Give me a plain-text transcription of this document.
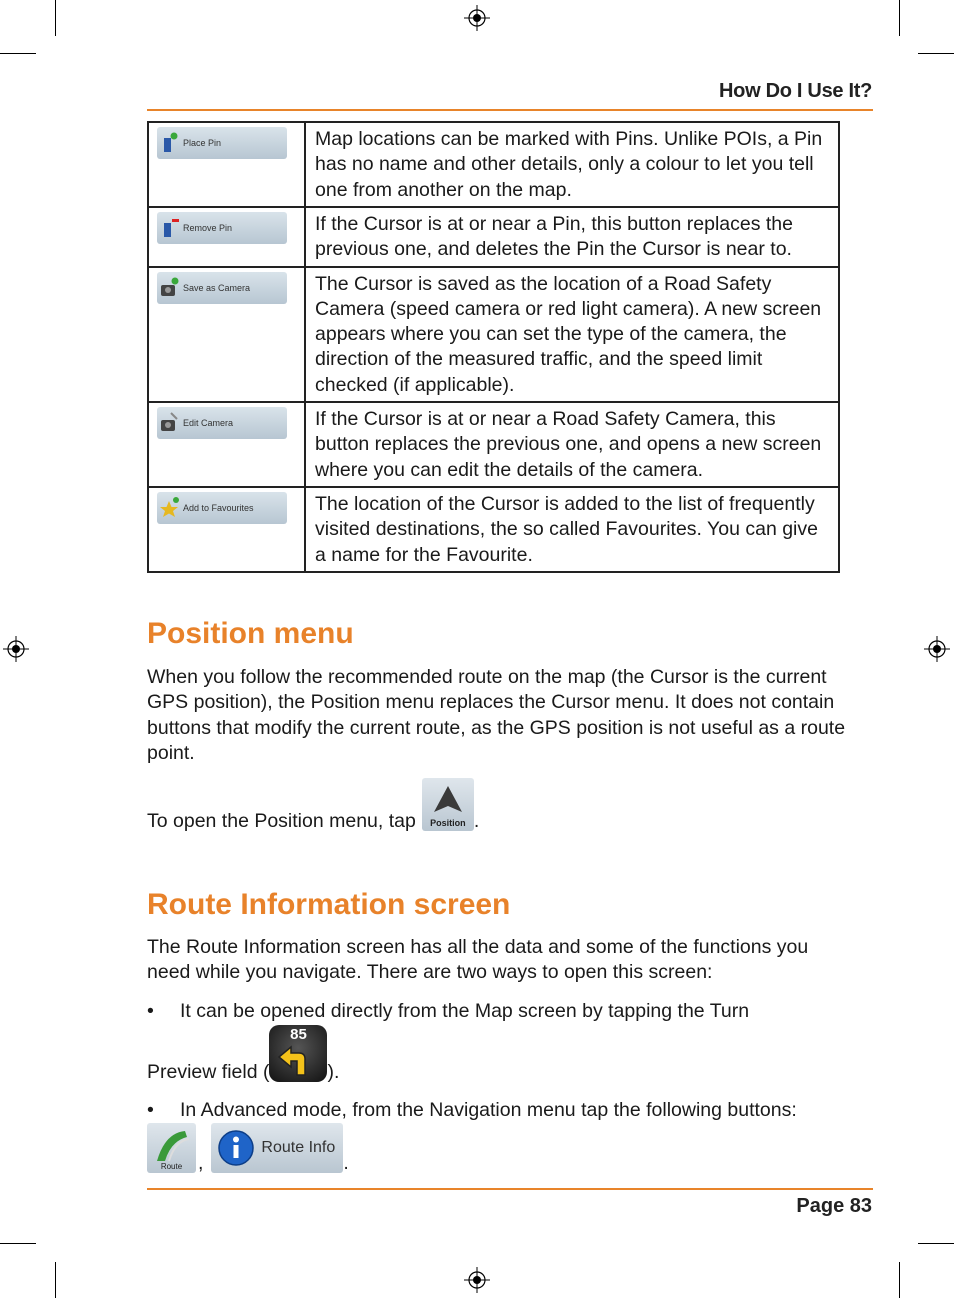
How Do I Use It?
Place Pin	Map locations can be marked with Pins. Unlike POIs, a Pin has no name and other details, only a colour to let you tell one from another on the map.

Remove Pin	If the Cursor is at or near a Pin, this button replaces the previous one, and deletes the Pin the Cursor is near to.

Save as Camera	The Cursor is saved as the location of a Road Safety Camera (speed camera or red light camera). A new screen appears where you can set the type of the camera, the direction of the measured traffic, and the speed limit checked (if applicable).

Edit Camera	If the Cursor is at or near a Road Safety Camera, this button replaces the previous one, and opens a new screen where you can edit the details of the camera.

Add to Favourites	The location of the Cursor is added to the list of frequently visited destinations, the so called Favourites. You can give a name for the Favourite.
Position menu

When you follow the recommended route on the map (the Cursor is the current GPS position), the Position menu replaces the Cursor menu. It does not contain buttons that modify the current route, as the GPS position is not useful as a route point.

To open the Position menu, tap	Position .
Route Information screen

The Route Information screen has all the data and some of the functions you need while you navigate. There are two ways to open this screen:

• It can be opened directly from the Map screen by tapping the Turn
Preview field (
85
).
• In Advanced mode, from the Navigation menu tap the following buttons:
Route ,
Route Info
.
Page 83
